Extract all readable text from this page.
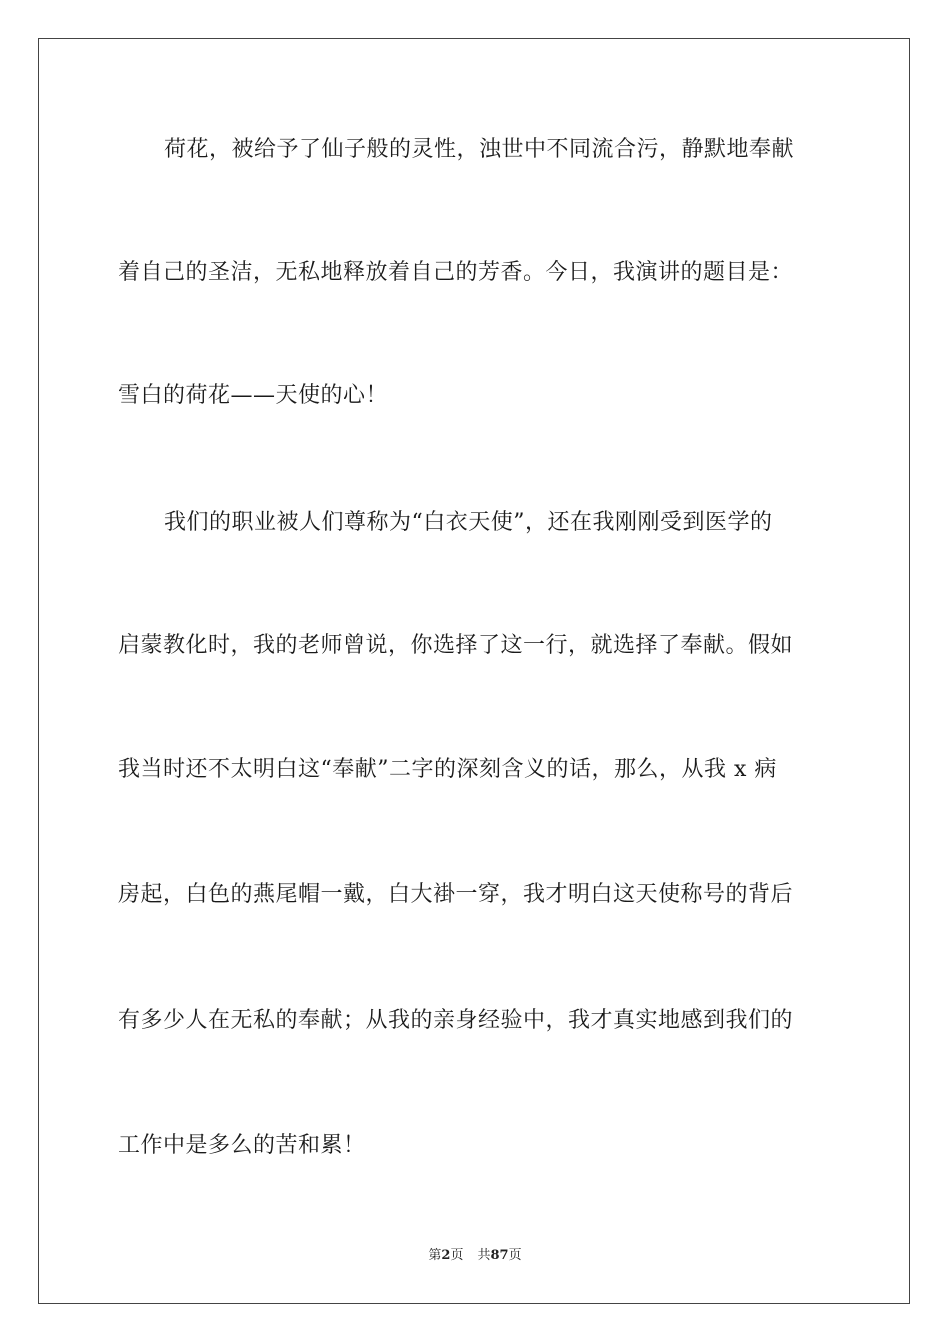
荷花，被给予了仙子般的灵性，浊世中不同流合污，静默地奉献
着自己的圣洁，无私地释放着自己的芳香。今日，我演讲的题目是：
雪白的荷花——天使的心！
我们的职业被人们尊称为“白衣天使”，还在我刚刚受到医学的
启蒙教化时，我的老师曾说，你选择了这一行，就选择了奉献。假如
我当时还不太明白这“奉献”二字的深刻含义的话，那么，从我 x 病
房起，白色的燕尾帽一戴，白大褂一穿，我才明白这天使称号的背后
有多少人在无私的奉献；从我的亲身经验中，我才真实地感到我们的
工作中是多么的苦和累！
第2页 共87页
